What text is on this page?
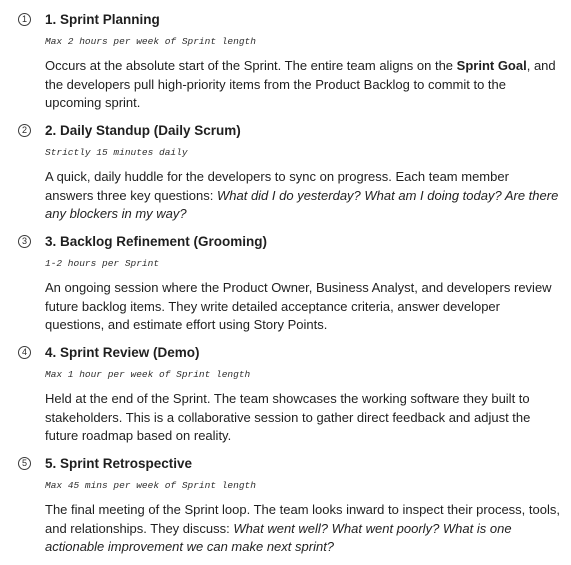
1 1. Sprint Planning
Max 2 hours per week of Sprint length
Occurs at the absolute start of the Sprint. The entire team aligns on the Sprint Goal, and the developers pull high-priority items from the Product Backlog to commit to the upcoming sprint.
2 2. Daily Standup (Daily Scrum)
Strictly 15 minutes daily
A quick, daily huddle for the developers to sync on progress. Each team member answers three key questions: What did I do yesterday? What am I doing today? Are there any blockers in my way?
3 3. Backlog Refinement (Grooming)
1-2 hours per Sprint
An ongoing session where the Product Owner, Business Analyst, and developers review future backlog items. They write detailed acceptance criteria, answer developer questions, and estimate effort using Story Points.
4 4. Sprint Review (Demo)
Max 1 hour per week of Sprint length
Held at the end of the Sprint. The team showcases the working software they built to stakeholders. This is a collaborative session to gather direct feedback and adjust the future roadmap based on reality.
5 5. Sprint Retrospective
Max 45 mins per week of Sprint length
The final meeting of the Sprint loop. The team looks inward to inspect their process, tools, and relationships. They discuss: What went well? What went poorly? What is one actionable improvement we can make next sprint?
